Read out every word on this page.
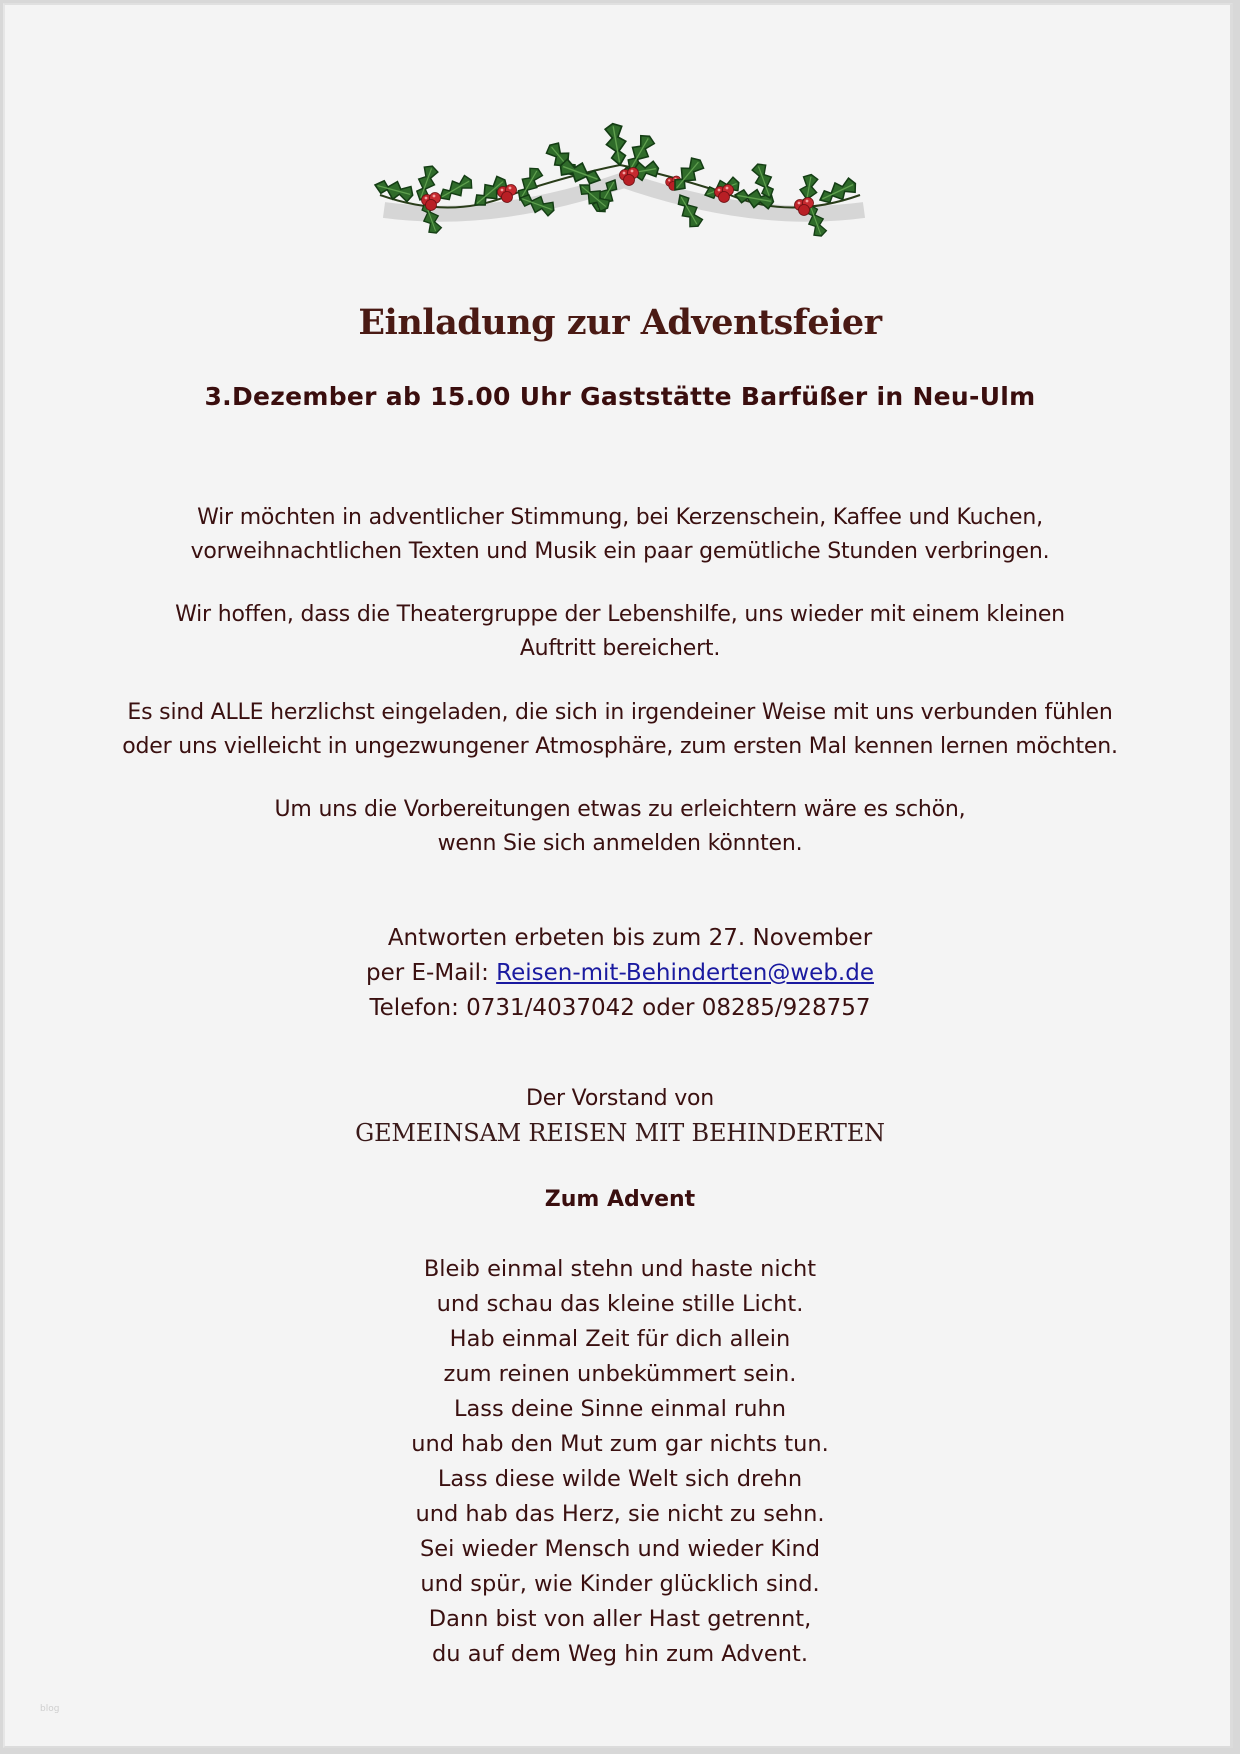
Einladung zur Adventsfeier
3.Dezember ab 15.00 Uhr Gaststätte Barfüßer in Neu-Ulm
Wir möchten in adventlicher Stimmung, bei Kerzenschein, Kaffee und Kuchen,
vorweihnachtlichen Texten und Musik ein paar gemütliche Stunden verbringen.
Wir hoffen, dass die Theatergruppe der Lebenshilfe, uns wieder mit einem kleinen
Auftritt bereichert.
Es sind ALLE herzlichst eingeladen, die sich in irgendeiner Weise mit uns verbunden fühlen
oder uns vielleicht in ungezwungener Atmosphäre, zum ersten Mal kennen lernen möchten.
Um uns die Vorbereitungen etwas zu erleichtern wäre es schön,
wenn Sie sich anmelden könnten.
Antworten erbeten bis zum 27. November
per E-Mail: Reisen-mit-Behinderten@web.de
Telefon: 0731/4037042 oder 08285/928757
Der Vorstand von
GEMEINSAM REISEN MIT BEHINDERTEN
Zum Advent
Bleib einmal stehn und haste nicht
und schau das kleine stille Licht.
Hab einmal Zeit für dich allein
zum reinen unbekümmert sein.
Lass deine Sinne einmal ruhn
und hab den Mut zum gar nichts tun.
Lass diese wilde Welt sich drehn
und hab das Herz, sie nicht zu sehn.
Sei wieder Mensch und wieder Kind
und spür, wie Kinder glücklich sind.
Dann bist von aller Hast getrennt,
du auf dem Weg hin zum Advent.
blog
